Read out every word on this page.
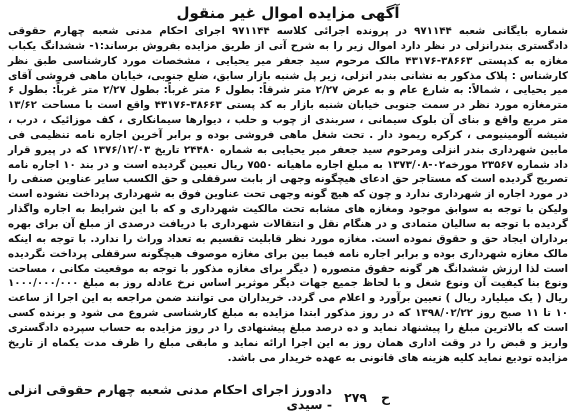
آگهی مزایده اموال غیر منقول

شماره بایگانی شعبه ۹۷۱۱۴۴ در پرونده اجرائی کلاسه ۹۷۱۱۴۴ اجرای احکام مدنی شعبه چهارم حقوقی دادگستری بندرانزلی در نظر دارد اموال زیر را به شرح آتی از طریق مزایده بفروش برساند:۱- ششدانگ یکباب مغازه به کدپستی ۳۸۶۶۳-۴۳۱۷۶ مالک مرحوم سید جعفر میر یحیایی ، مشخصات مورد کارشناسی طبق نظر کارشناس : پلاک مذکور به نشانی بندر انزلی، زیر پل شنبه بازار سابق، ضلع جنوبی، خیابان ماهی فروشی آقای میر یحیایی ، شمالاً: به شارع عام و به عرض ۲/۲۷ متر شرقاً: بطول ۶ متر غرباً: بطول ۲/۲۷ متر غرباً: بطول ۶ مترمغازه مورد نظر در سمت جنوبی خیابان شنبه بازار به کد پستی ۳۸۶۶۳-۴۳۱۷۶ واقع است با مساحت ۱۳/۶۲ متر مربع واقع و بنای آن بلوک سیمانی ، سربندی از چوب و حلب ، دیوارها سیمانکاری ، کف موزائیک ، درب ، شیشه آلومینیومی ، کرکره ریمود دار . تحت شغل ماهی فروشی بوده و برابر آخرین اجاره نامه تنظیمی فی مابین شهرداری بندر انزلی ومرحوم سید جعفر میر یحیایی به شماره ۲۴۴۸۰ تاریخ ۱۳۷۶/۱۲/۰۳ که در پیرو قرار داد شماره ۲۳۵۶۷ مورخه۰۲-۱۳۷۳/۰۸ به مبلغ اجاره ماهیانه ۷۵۵۰ ریال تعیین گردیده است و در بند ۱۰ اجاره نامه تصریح گردیده است که مستاجر حق ادعای هیچگونه وجهی از بابت سرقفلی و حق الکسب سایر عناوین صنفی را در مورد اجاره از شهرداری ندارد و چون که هیچ گونه وجهی تحت عناوین فوق به شهرداری پرداخت نشوده است ولیکن با توجه به سوابق موجود ومغازه های مشابه تحت مالکیت شهرداری و که با این شرایط به اجاره واگذار گردیده با توجه به سالیان متمادی و در هنگام نقل و انتقالات شهرداری با دریافت درصدی از مبلغ آن برای بهره برداران ایجاد حق و حقوق نموده است. مغازه مورد نظر قابلیت تقسیم به تعداد وراث را ندارد. با توجه به اینکه مالک مغازه شهرداری بوده و برابر اجاره نامه فیما بین برای مغازه موصوف هیچگونه سرقفلی پرداخت نگردیده است لذا ارزش ششدانگ هر گونه حقوق متصوره ( دیگر برای مغازه مذکور با توجه به موقعیت مکانی ، مساحت ونوع بنا کیفیت آن ونوع شغل و با لحاظ جمیع جهات دیگر موثربر اساس نرخ عادله روز به مبلغ ۱۰۰۰/۰۰۰/۰۰۰ ریال ( یک میلیارد ریال ) تعیین برآورد و اعلام می گردد. خریداران می توانند ضمن مراجعه به این اجرا از ساعت ۱۰ تا ۱۱ صبح روز ۱۳۹۸/۰۲/۲۲ که در روز مذکور ابتدا مزایده به مبلغ کارشناسی شروع می شود و برنده کسی است که بالاترین مبلغ را پیشنهاد نماید و ده درصد مبلغ پیشنهادی را در روز مزایده به حساب سپرده دادگستری واریز و قبض را در وقت اداری همان روز به این اجرا ارائه نماید و مابقی مبلغ را ظرف مدت یکماه از تاریخ مزایده تودیع نماید کلیه هزینه های قانونی به عهده خریدار می باشد.

ح
۲۷۹
دادورز اجرای احکام مدنی شعبه چهارم حقوقی انزلی - سیدی
